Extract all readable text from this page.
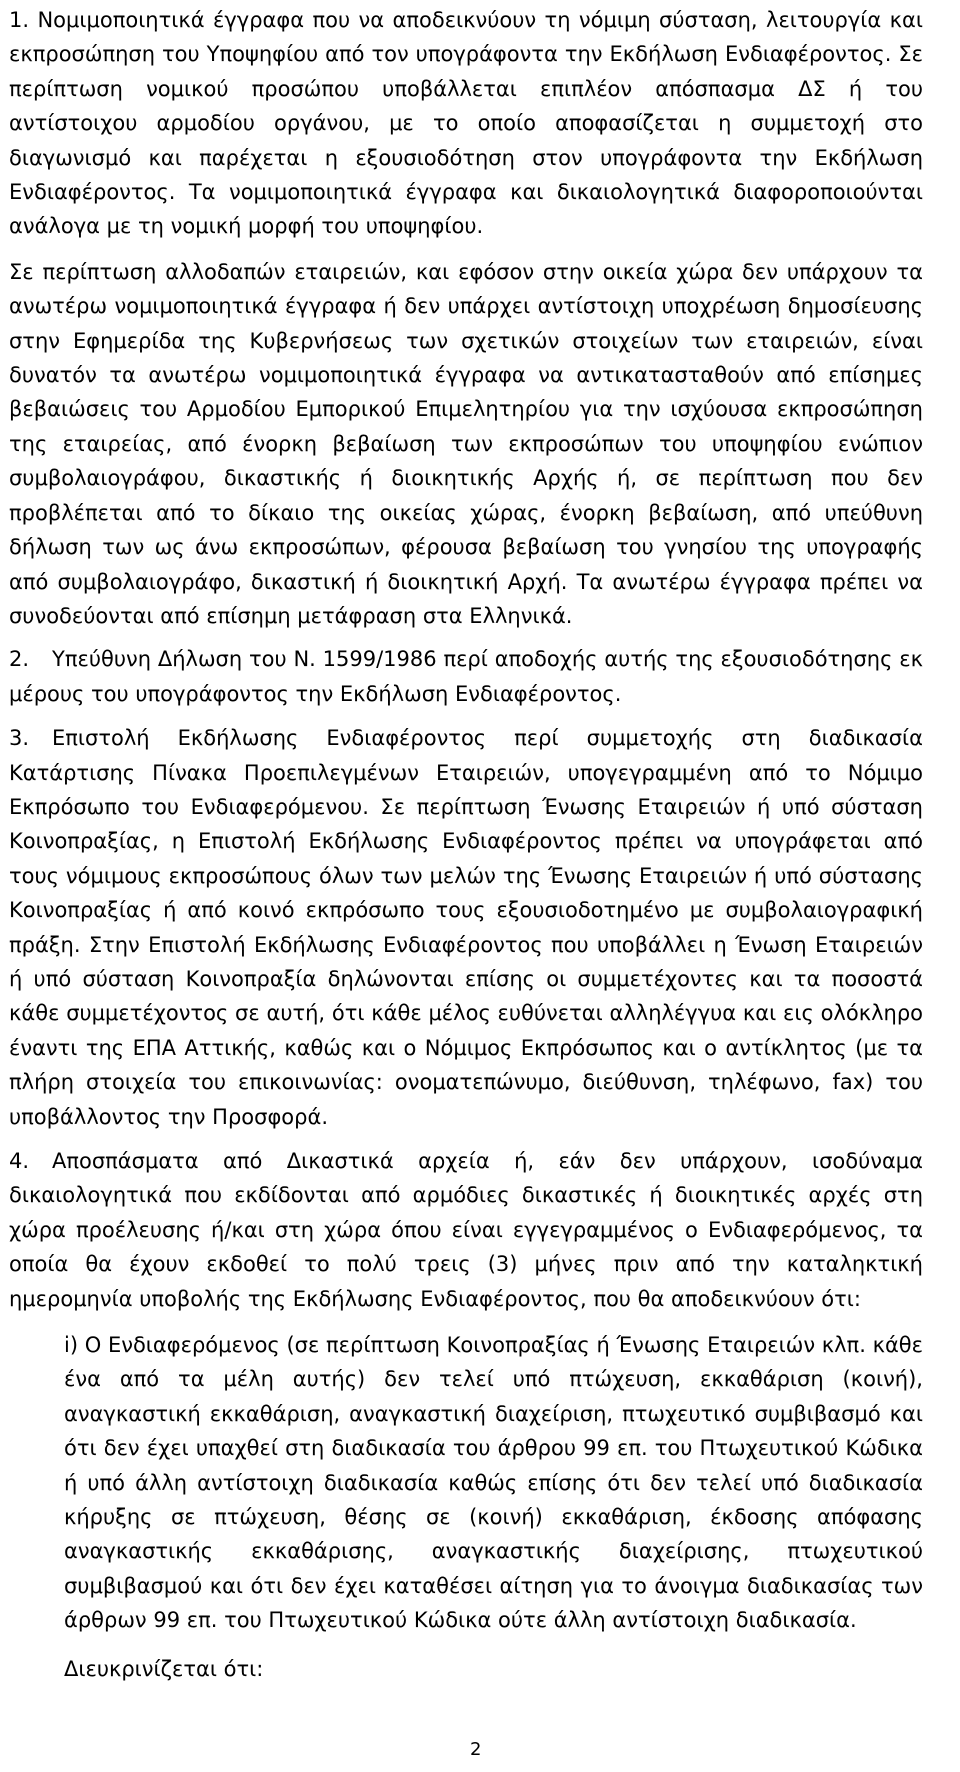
1. Νομιμοποιητικά έγγραφα που να αποδεικνύουν τη νόμιμη σύσταση, λειτουργία και εκπροσώπηση του Υποψηφίου από τον υπογράφοντα την Εκδήλωση Ενδιαφέροντος. Σε περίπτωση νομικού προσώπου υποβάλλεται επιπλέον απόσπασμα ΔΣ ή του αντίστοιχου αρμοδίου οργάνου, με το οποίο αποφασίζεται η συμμετοχή στο διαγωνισμό και παρέχεται η εξουσιοδότηση στον υπογράφοντα την Εκδήλωση Ενδιαφέροντος. Τα νομιμοποιητικά έγγραφα και δικαιολογητικά διαφοροποιούνται ανάλογα με τη νομική μορφή του υποψηφίου.

Σε περίπτωση αλλοδαπών εταιρειών, και εφόσον στην οικεία χώρα δεν υπάρχουν τα ανωτέρω νομιμοποιητικά έγγραφα ή δεν υπάρχει αντίστοιχη υποχρέωση δημοσίευσης στην Εφημερίδα της Κυβερνήσεως των σχετικών στοιχείων των εταιρειών, είναι δυνατόν τα ανωτέρω νομιμοποιητικά έγγραφα να αντικατασταθούν από επίσημες βεβαιώσεις του Αρμοδίου Εμπορικού Επιμελητηρίου για την ισχύουσα εκπροσώπηση της εταιρείας, από ένορκη βεβαίωση των εκπροσώπων του υποψηφίου ενώπιον συμβολαιογράφου, δικαστικής ή διοικητικής Αρχής ή, σε περίπτωση που δεν προβλέπεται από το δίκαιο της οικείας χώρας, ένορκη βεβαίωση, από υπεύθυνη δήλωση των ως άνω εκπροσώπων, φέρουσα βεβαίωση του γνησίου της υπογραφής από συμβολαιογράφο, δικαστική ή διοικητική Αρχή. Τα ανωτέρω έγγραφα πρέπει να συνοδεύονται από επίσημη μετάφραση στα Ελληνικά.

2. Υπεύθυνη Δήλωση του Ν. 1599/1986 περί αποδοχής αυτής της εξουσιοδότησης εκ μέρους του υπογράφοντος την Εκδήλωση Ενδιαφέροντος.

3. Επιστολή Εκδήλωσης Ενδιαφέροντος περί συμμετοχής στη διαδικασία Κατάρτισης Πίνακα Προεπιλεγμένων Εταιρειών, υπογεγραμμένη από το Νόμιμο Εκπρόσωπο του Ενδιαφερόμενου. Σε περίπτωση Ένωσης Εταιρειών ή υπό σύσταση Κοινοπραξίας, η Επιστολή Εκδήλωσης Ενδιαφέροντος πρέπει να υπογράφεται από τους νόμιμους εκπροσώπους όλων των μελών της Ένωσης Εταιρειών ή υπό σύστασης Κοινοπραξίας ή από κοινό εκπρόσωπο τους εξουσιοδοτημένο με συμβολαιογραφική πράξη. Στην Επιστολή Εκδήλωσης Ενδιαφέροντος που υποβάλλει η Ένωση Εταιρειών ή υπό σύσταση Κοινοπραξία δηλώνονται επίσης οι συμμετέχοντες και τα ποσοστά κάθε συμμετέχοντος σε αυτή, ότι κάθε μέλος ευθύνεται αλληλέγγυα και εις ολόκληρο έναντι της ΕΠΑ Αττικής, καθώς και ο Νόμιμος Εκπρόσωπος και ο αντίκλητος (με τα πλήρη στοιχεία του επικοινωνίας: ονοματεπώνυμο, διεύθυνση, τηλέφωνο, fax) του υποβάλλοντος την Προσφορά.

4. Αποσπάσματα από Δικαστικά αρχεία ή, εάν δεν υπάρχουν, ισοδύναμα δικαιολογητικά που εκδίδονται από αρμόδιες δικαστικές ή διοικητικές αρχές στη χώρα προέλευσης ή/και στη χώρα όπου είναι εγγεγραμμένος ο Ενδιαφερόμενος, τα οποία θα έχουν εκδοθεί το πολύ τρεις (3) μήνες πριν από την καταληκτική ημερομηνία υποβολής της Εκδήλωσης Ενδιαφέροντος, που θα αποδεικνύουν ότι:

i) Ο Ενδιαφερόμενος (σε περίπτωση Κοινοπραξίας ή Ένωσης Εταιρειών κλπ. κάθε ένα από τα μέλη αυτής) δεν τελεί υπό πτώχευση, εκκαθάριση (κοινή), αναγκαστική εκκαθάριση, αναγκαστική διαχείριση, πτωχευτικό συμβιβασμό και ότι δεν έχει υπαχθεί στη διαδικασία του άρθρου 99 επ. του Πτωχευτικού Κώδικα ή υπό άλλη αντίστοιχη διαδικασία καθώς επίσης ότι δεν τελεί υπό διαδικασία κήρυξης σε πτώχευση, θέσης σε (κοινή) εκκαθάριση, έκδοσης απόφασης αναγκαστικής εκκαθάρισης, αναγκαστικής διαχείρισης, πτωχευτικού συμβιβασμού και ότι δεν έχει καταθέσει αίτηση για το άνοιγμα διαδικασίας των άρθρων 99 επ. του Πτωχευτικού Κώδικα ούτε άλλη αντίστοιχη διαδικασία.

Διευκρινίζεται ότι:

2
